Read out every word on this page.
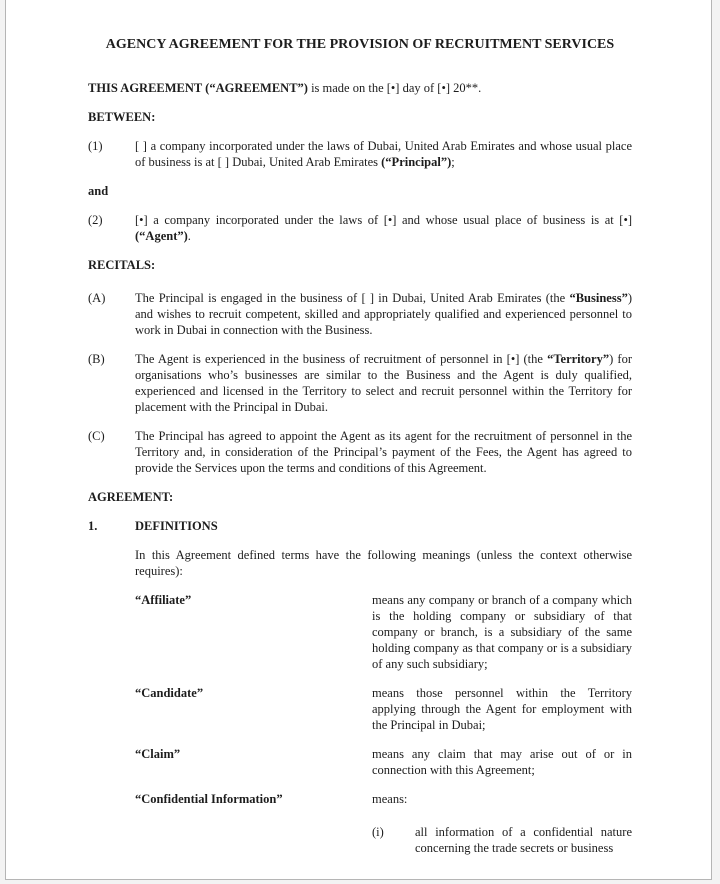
AGENCY AGREEMENT FOR THE PROVISION OF RECRUITMENT SERVICES

THIS AGREEMENT (“AGREEMENT”) is made on the [•] day of [•] 20**.

BETWEEN:

(1)	[ ] a company incorporated under the laws of Dubai, United Arab Emirates and whose usual place of business is at [ ] Dubai, United Arab Emirates (“Principal”);

and

(2)	[•] a company incorporated under the laws of [•] and whose usual place of business is at [•] (“Agent”).

RECITALS:

(A)	The Principal is engaged in the business of [ ] in Dubai, United Arab Emirates (the “Business”) and wishes to recruit competent, skilled and appropriately qualified and experienced personnel to work in Dubai in connection with the Business.
(B)	The Agent is experienced in the business of recruitment of personnel in [•] (the “Territory”) for organisations who’s businesses are similar to the Business and the Agent is duly qualified, experienced and licensed in the Territory to select and recruit personnel within the Territory for placement with the Principal in Dubai.
(C)	The Principal has agreed to appoint the Agent as its agent for the recruitment of personnel in the Territory and, in consideration of the Principal’s payment of the Fees, the Agent has agreed to provide the Services upon the terms and conditions of this Agreement.

AGREEMENT:

1.	DEFINITIONS
In this Agreement defined terms have the following meanings (unless the context otherwise requires):
“Affiliate”	means any company or branch of a company which is the holding company or subsidiary of that company or branch, is a subsidiary of the same holding company as that company or is a subsidiary of any such subsidiary;
“Candidate”	means those personnel within the Territory applying through the Agent for employment with the Principal in Dubai;
“Claim”	means any claim that may arise out of or in connection with this Agreement;
“Confidential Information”	means:
(i)	all information of a confidential nature concerning the trade secrets or business
